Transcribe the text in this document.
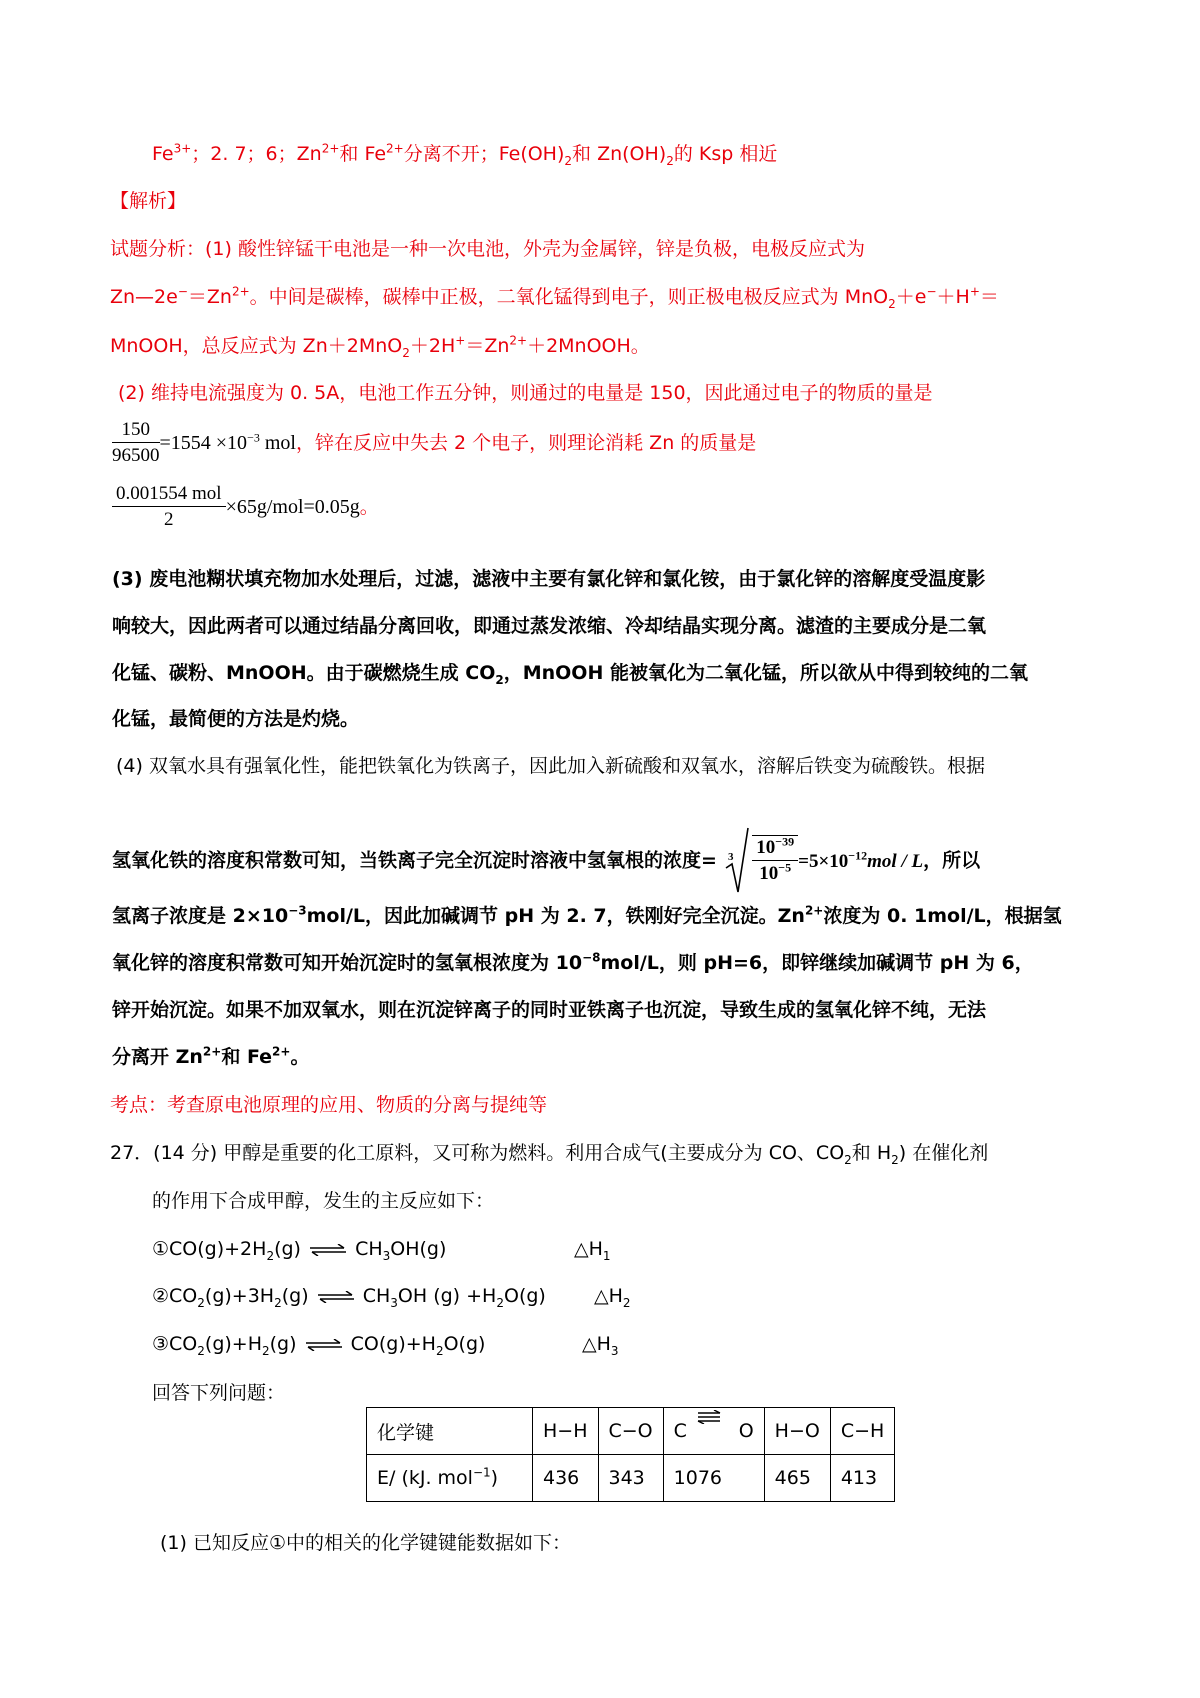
$Fe^{3+}$；2. 7；6；$Zn^{2+}$和 $Fe^{2+}$分离不开；$Fe(OH)_2$和 $Zn(OH)_2$的 Ksp 相近
【解析】
试题分析：(1) 酸性锌锰干电池是一种一次电池，外壳为金属锌，锌是负极，电极反应式为
$Zn—2e^-=Zn^{2+}$。中间是碳棒，碳棒中正极，二氧化锰得到电子，则正极电极反应式为 MnO$_2$＋e−＋H+＝
MnOOH，总反应式为 $Zn+2MnO_2+2H^+=Zn^{2+}+2MnOOH$。
(2) 维持电流强度为 0. 5A，电池工作五分钟，则通过的电量是 150，因此通过电子的物质的量是
$\frac{150}{96500} =1554 \times 10^{-3}$ mol，锌在反应中失去 2 个电子，则理论消耗 Zn 的质量是
$\frac{\text{0.001554 mol}}{2} \times 65g/mol=0.05g$。
(3) 废电池糊状填充物加水处理后，过滤，滤液中主要有氯化锌和氯化铵，由于氯化锌的溶解度受温度影
响较大，因此两者可以通过结晶分离回收，即通过蒸发浓缩、冷却结晶实现分离。滤渣的主要成分是二氧
化锰、碳粉、MnOOH。由于碳燃烧生成 $CO_2$，MnOOH 能被氧化为二氧化锰，所以欲从中得到较纯的二氧
化锰，最简便的方法是灼烧。
(4) 双氧水具有强氧化性，能把铁氧化为铁离子，因此加入新硫酸和双氧水，溶解后铁变为硫酸铁。根据
氢氧化铁的溶度积常数可知，当铁离子完全沉淀时溶液中氢氧根的浓度= 3
$\frac{10^{-39}}{10^{-5}} =5\times 10^{-12}mol / L$，所以
氢离子浓度是 $2\times 10^{-3}mol/L$，因此加碱调节 pH 为 2. 7，铁刚好完全沉淀。$Zn^{2+}$浓度为 0. 1mol/L，根据氢
氧化锌的溶度积常数可知开始沉淀时的氢氧根浓度为 $10^{-8}mol/L$，则 pH=6，即锌继续加碱调节 pH 为 6，
锌开始沉淀。如果不加双氧水，则在沉淀锌离子的同时亚铁离子也沉淀，导致生成的氢氧化锌不纯，无法
分离开 $Zn^{2+}$和 $Fe^{2+}$。
考点：考查原电池原理的应用、物质的分离与提纯等
27．(14 分) 甲醇是重要的化工原料，又可称为燃料。利用合成气(主要成分为 CO、$CO_2$和 $H_2$) 在催化剂
的作用下合成甲醇，发生的主反应如下：
$①CO(g)+2H_2(g)$ ⇌ $CH_3OH(g)$	$\triangle H_1$
$②CO_2(g)+3H_2(g)$ ⇌ $CH_3OH$ $(g) +H_2O(g)$	$\triangle H_2$
$③CO_2(g)+H_2(g)$ ⇌ $CO(g)+H_2O(g)$	$\triangle H_3$
回答下列问题：
化学键	H−H	C−O	C O	H−O	C−H
E/ (kJ. mol$^{-1}$)	436	343	1076	465	413
(1) 已知反应①中的相关的化学键键能数据如下：
